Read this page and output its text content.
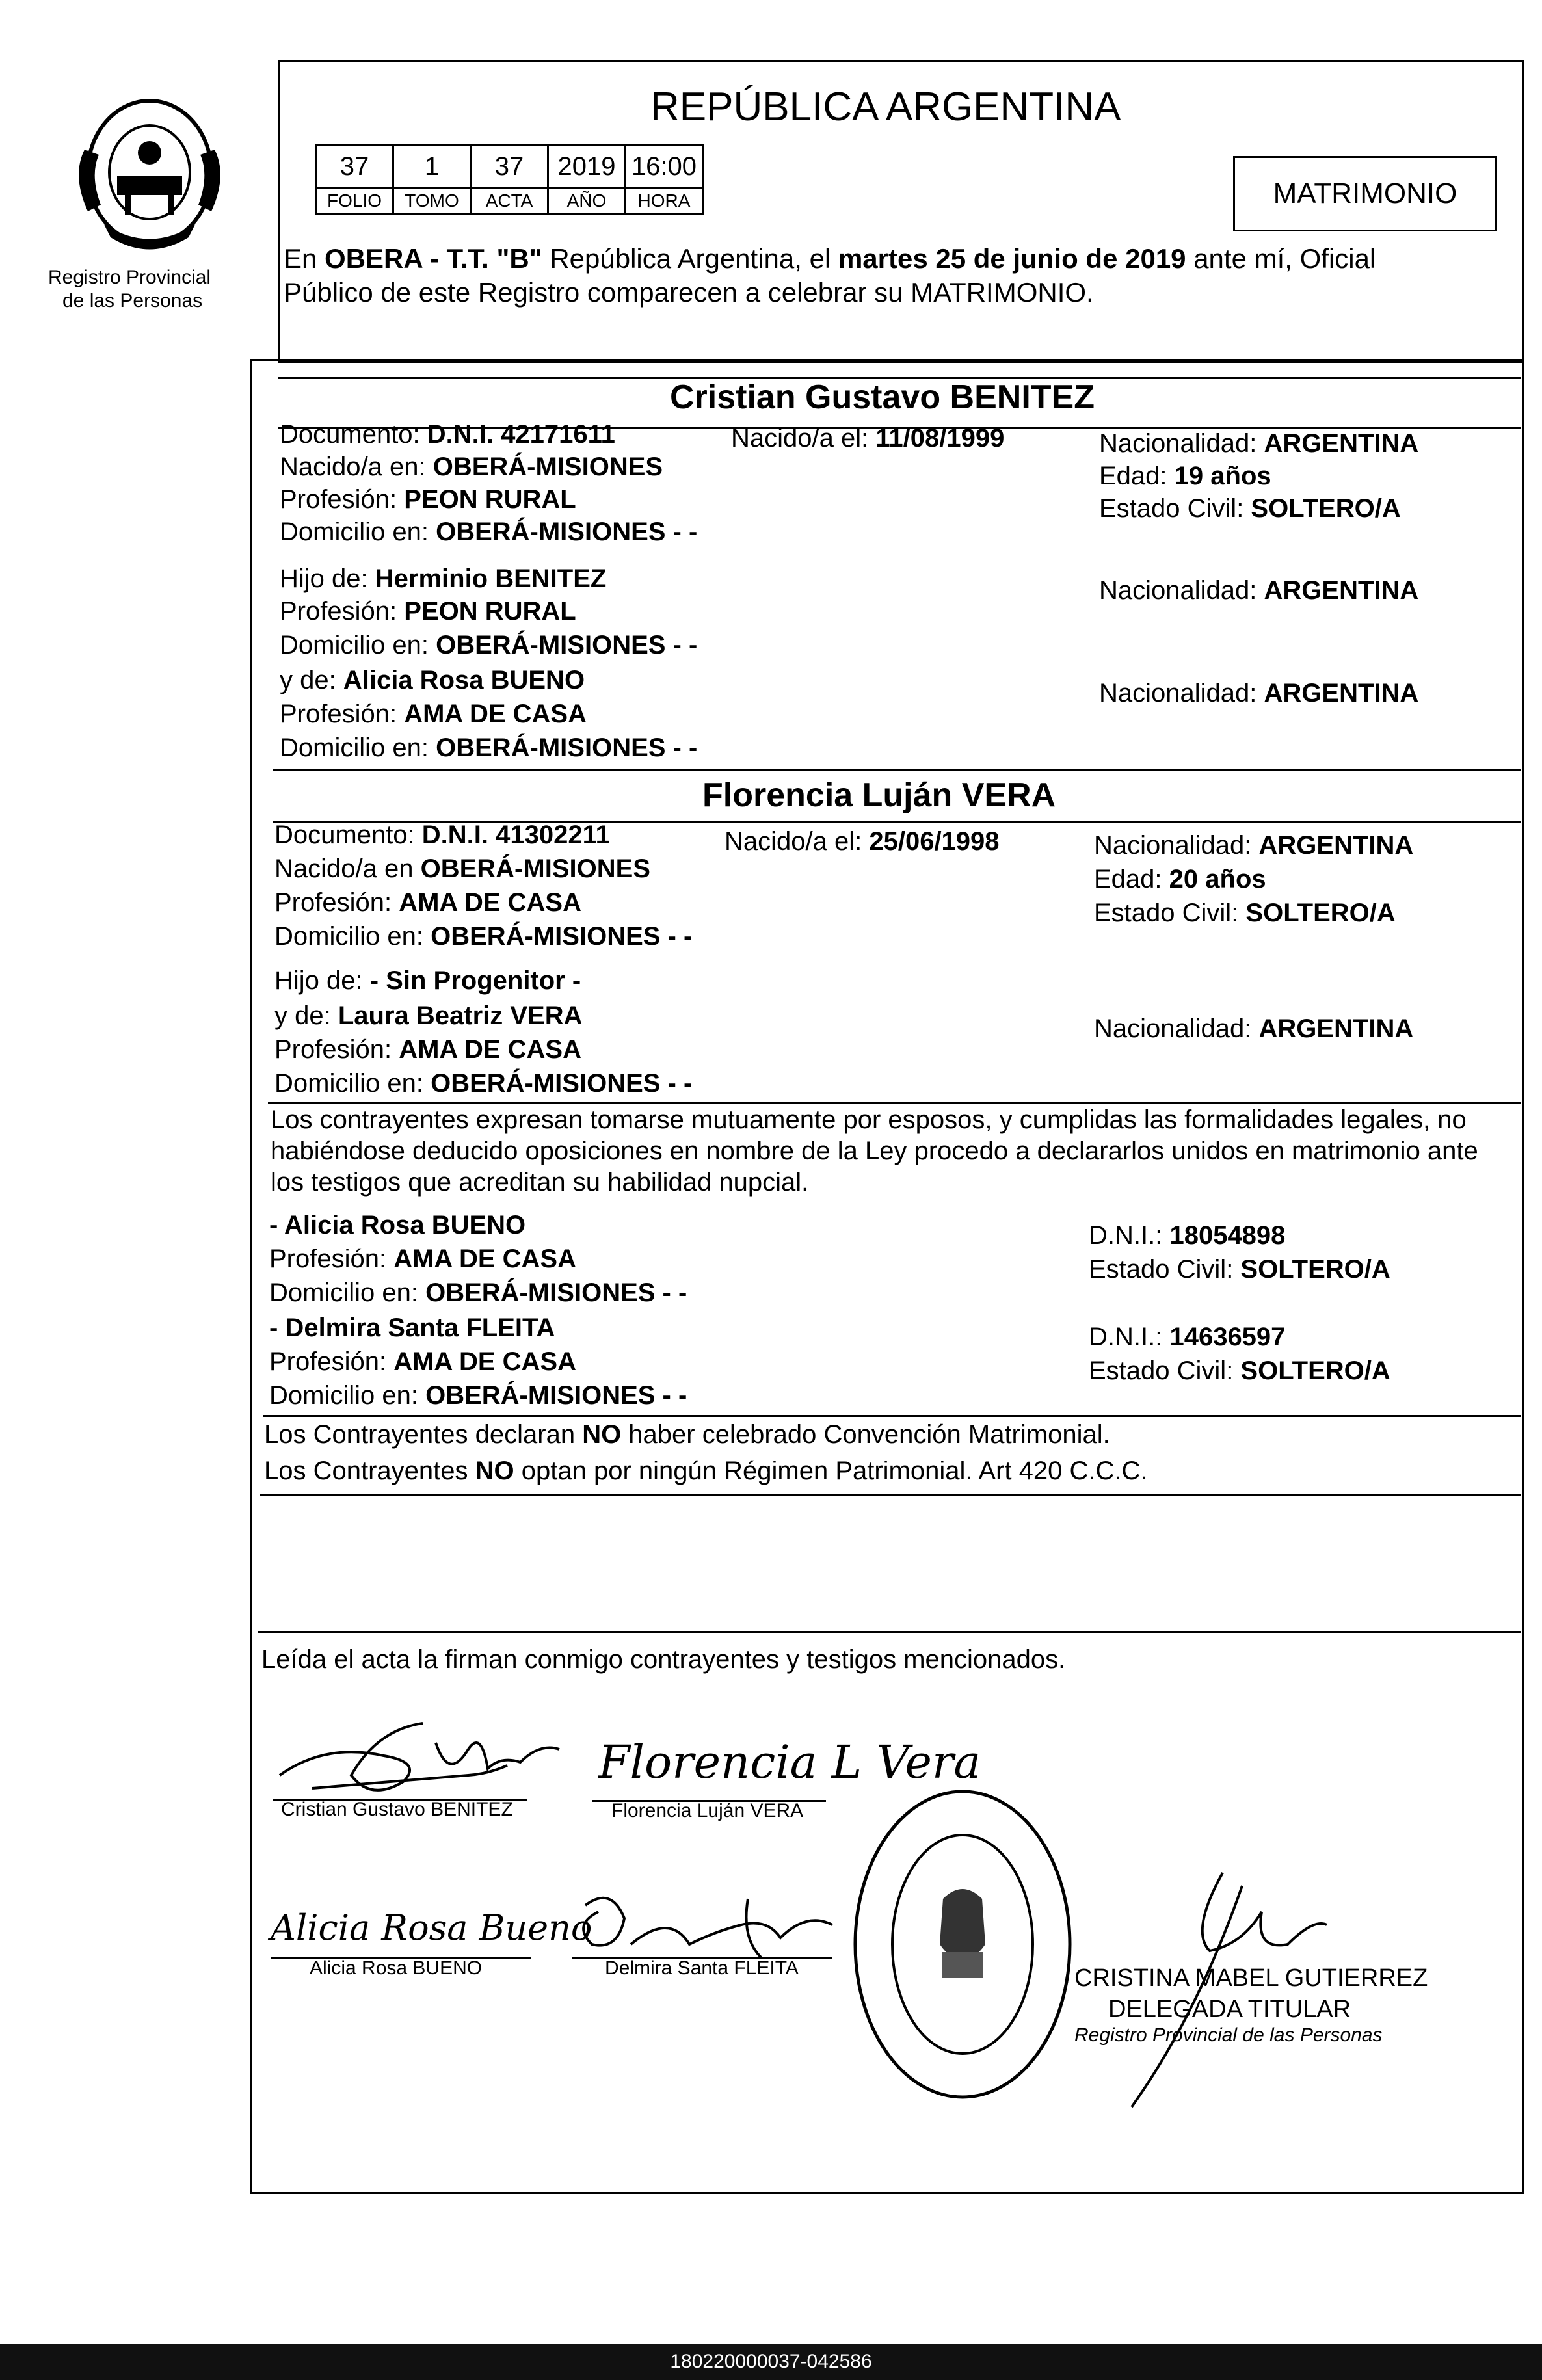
Registro Provincial
de las Personas
REPÚBLICA ARGENTINA
37	1	37	2019	16:00
FOLIO	TOMO	ACTA	AÑO	HORA	MATRIMONIO
En OBERA - T.T. "B" República Argentina, el martes 25 de junio de 2019 ante mí, Oficial
Público de este Registro comparecen a celebrar su MATRIMONIO.
Cristian Gustavo BENITEZ
Documento: D.N.I. 42171611
Nacido/a en: OBERÁ-MISIONES
Profesión: PEON RURAL
Domicilio en: OBERÁ-MISIONES - -
Nacido/a el: 11/08/1999	Nacionalidad: ARGENTINA
Edad: 19 años
Estado Civil: SOLTERO/A
Hijo de: Herminio BENITEZ
Profesión: PEON RURAL
Domicilio en: OBERÁ-MISIONES - -
Nacionalidad: ARGENTINA
y de: Alicia Rosa BUENO
Profesión: AMA DE CASA
Domicilio en: OBERÁ-MISIONES - -
Nacionalidad: ARGENTINA
Florencia Luján VERA
Documento: D.N.I. 41302211
Nacido/a en OBERÁ-MISIONES
Profesión: AMA DE CASA
Domicilio en: OBERÁ-MISIONES - -
Nacido/a el: 25/06/1998	Nacionalidad: ARGENTINA
Edad: 20 años
Estado Civil: SOLTERO/A
Hijo de: - Sin Progenitor -
y de: Laura Beatriz VERA
Profesión: AMA DE CASA
Domicilio en: OBERÁ-MISIONES - -
Nacionalidad: ARGENTINA
Los contrayentes expresan tomarse mutuamente por esposos, y cumplidas las formalidades legales, no
habiéndose deducido oposiciones en nombre de la Ley procedo a declararlos unidos en matrimonio ante
los testigos que acreditan su habilidad nupcial.
- Alicia Rosa BUENO
Profesión: AMA DE CASA
Domicilio en: OBERÁ-MISIONES - -
D.N.I.: 18054898
Estado Civil: SOLTERO/A
- Delmira Santa FLEITA
Profesión: AMA DE CASA
Domicilio en: OBERÁ-MISIONES - -
D.N.I.: 14636597
Estado Civil: SOLTERO/A
Los Contrayentes declaran NO haber celebrado Convención Matrimonial.
Los Contrayentes NO optan por ningún Régimen Patrimonial. Art 420 C.C.C.
Leída el acta la firman conmigo contrayentes y testigos mencionados.
Cristian Gustavo BENITEZ
Florencia L Vera
Florencia Luján VERA
Alicia Rosa Bueno
Alicia Rosa BUENO	Delmira Santa FLEITA	CRISTINA MABEL GUTIERREZ
DELEGADA TITULAR
Registro Provincial de las Personas
180220000037-042586
